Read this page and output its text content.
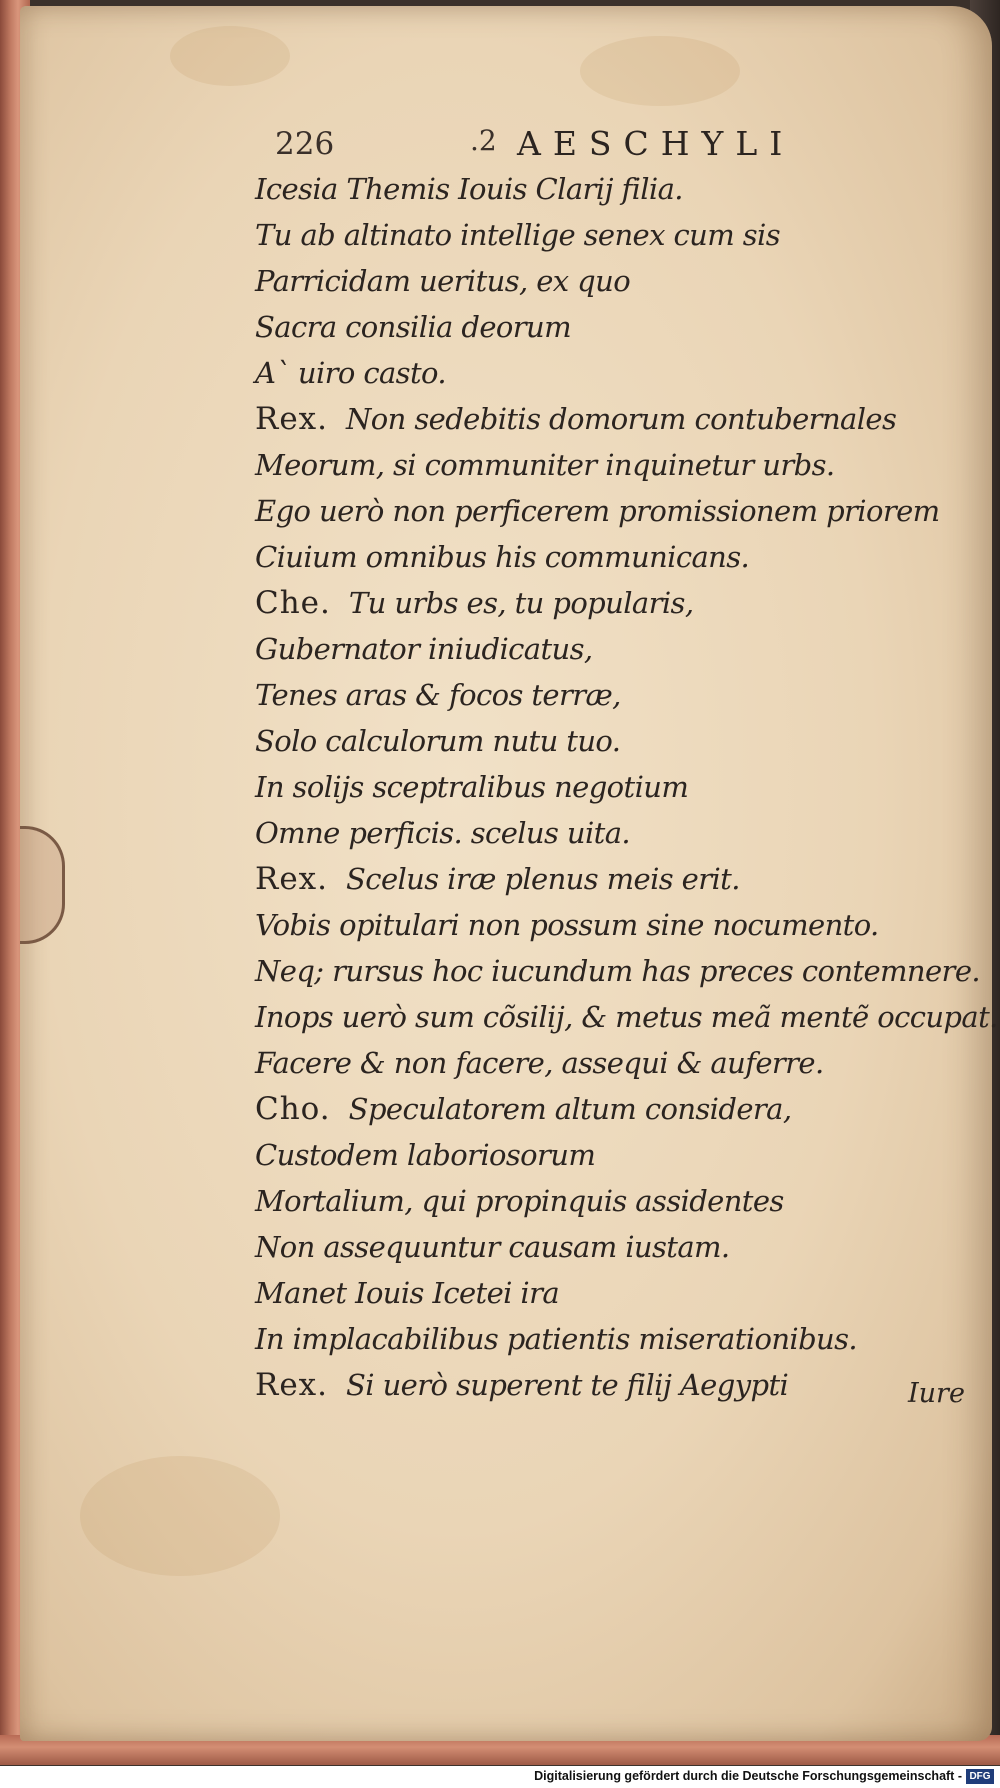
226	.2 AESCHYLI
Icesia Themis Iouis Clarij filia.
Tu ab altinato intellige senex cum sis
Parricidam ueritus, ex quo
Sacra consilia deorum
A` uiro casto.
Rex. Non sedebitis domorum contubernales
Meorum, si communiter inquinetur urbs.
Ego uerò non perficerem promissionem priorem
Ciuium omnibus his communicans.
Che. Tu urbs es, tu popularis,
Gubernator iniudicatus,
Tenes aras & focos terræ,
Solo calculorum nutu tuo.
In solijs sceptralibus negotium
Omne perficis. scelus uita.
Rex. Scelus iræ plenus meis erit.
Vobis opitulari non possum sine nocumento.
Neq; rursus hoc iucundum has preces contemnere.
Inops uerò sum cõsilij, & metus meã mentẽ occupat.
Facere & non facere, assequi & auferre.
Cho. Speculatorem altum considera,
Custodem laboriosorum
Mortalium, qui propinquis assidentes
Non assequuntur causam iustam.
Manet Iouis Icetei ira
In implacabilibus patientis miserationibus.
Rex. Si uerò superent te filij Aegypti	Iure
Digitalisierung gefördert durch die Deutsche Forschungsgemeinschaft - DFG
